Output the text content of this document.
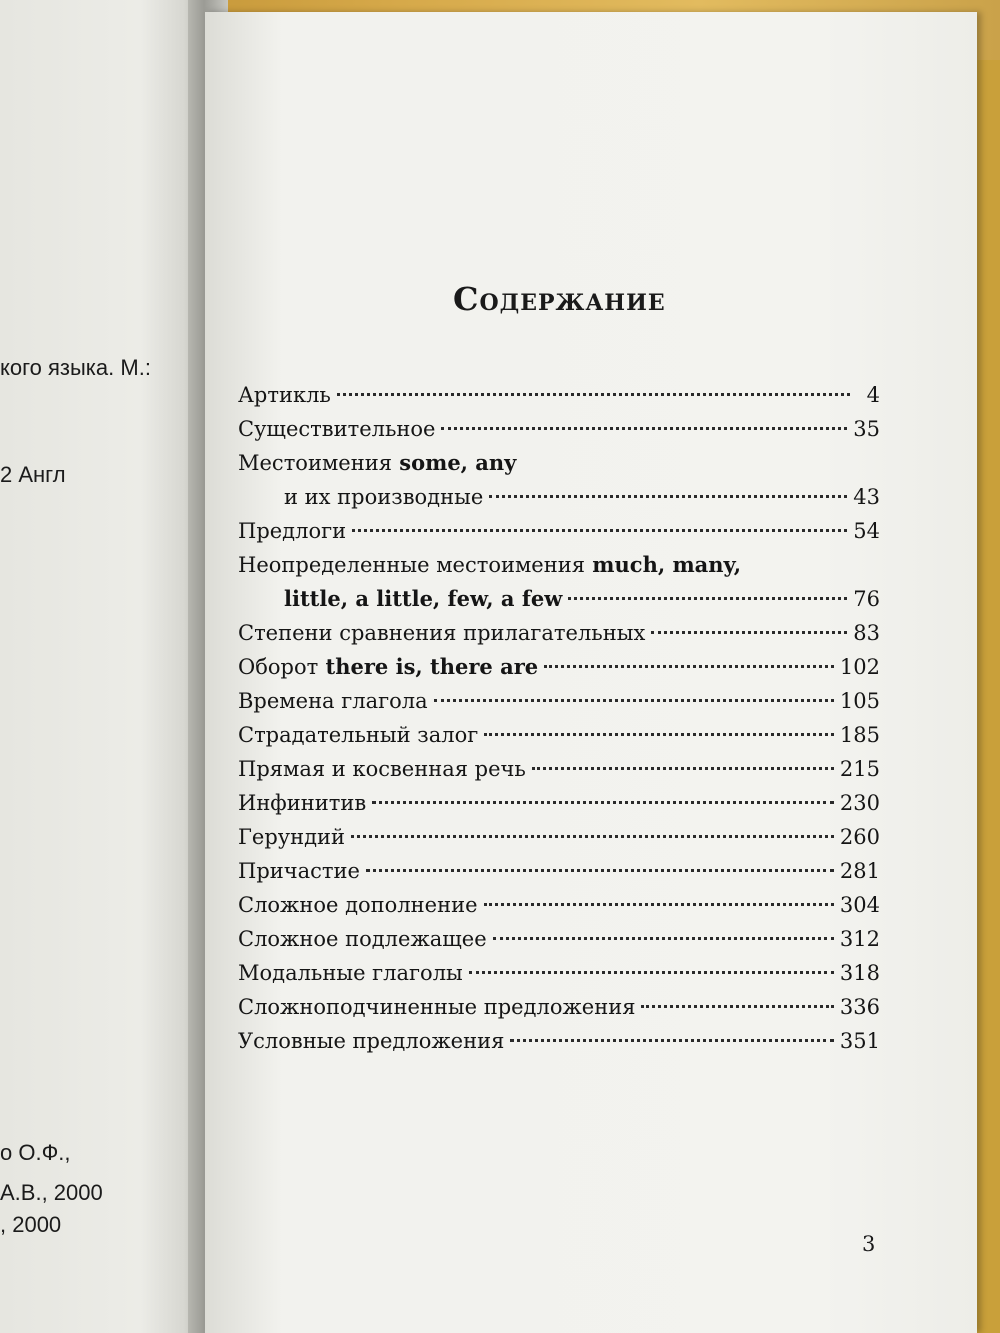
кого языка. М.:
2 Англ
о О.Ф.,
А.В., 2000
, 2000
Содержание
Артикль	4
Существительное	35
Местоимения some, any
и их производные	43
Предлоги	54
Неопределенные местоимения much, many,
little, a little, few, a few	76
Степени сравнения прилагательных	83
Оборот there is, there are	102
Времена глагола	105
Страдательный залог	185
Прямая и косвенная речь	215
Инфинитив	230
Герундий	260
Причастие	281
Сложное дополнение	304
Сложное подлежащее	312
Модальные глаголы	318
Сложноподчиненные предложения	336
Условные предложения	351
3
